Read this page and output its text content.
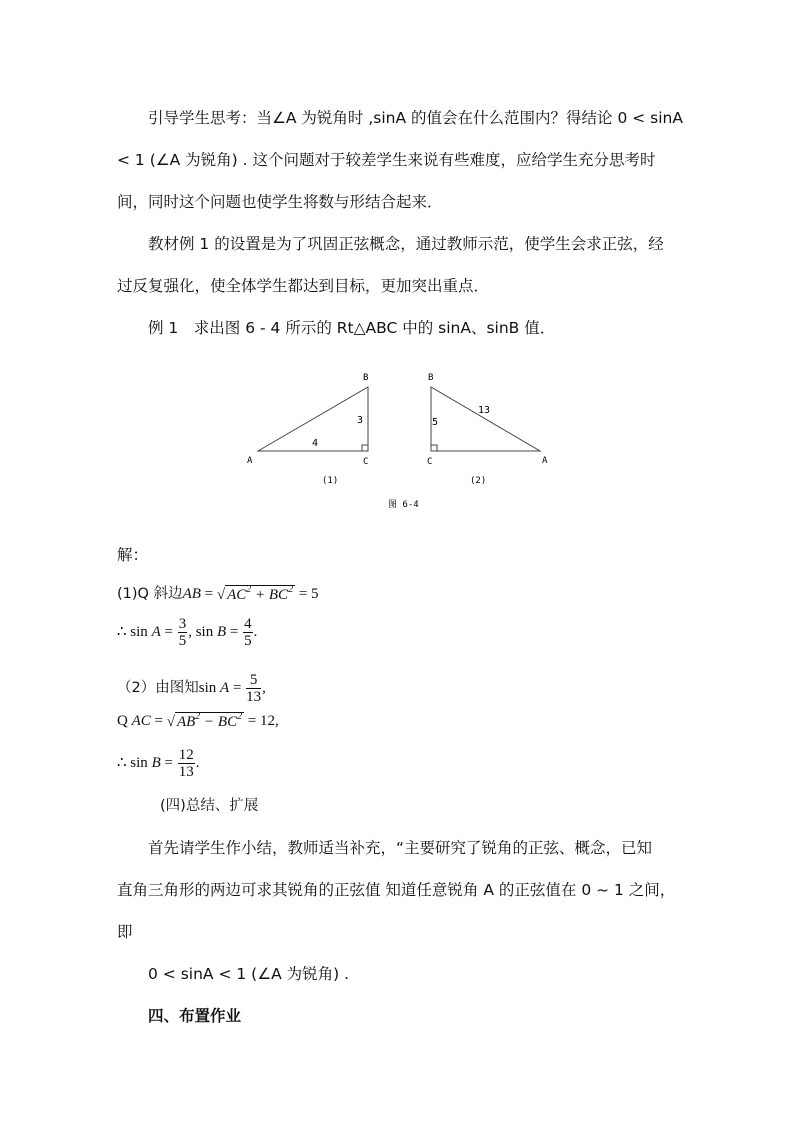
引导学生思考：当∠A 为锐角时 ,sinA 的值会在什么范围内？得结论 0 < sinA
< 1 (∠A 为锐角) . 这个问题对于较差学生来说有些难度，应给学生充分思考时
间，同时这个问题也使学生将数与形结合起来．
教材例 1 的设置是为了巩固正弦概念，通过教师示范，使学生会求正弦，经
过反复强化，使全体学生都达到目标，更加突出重点．
例 1　求出图 6 - 4 所示的 Rt△ABC 中的 sinA、sinB 值．
A
B
C
3
4
(1)
B
C	A
5
13
(2)
图 6-4
解：
(1)Q 斜边AB = √ $AC^2 + BC^2 = 5$
∴ $\sin A = \frac{3}{5}$ , $\sin B = \frac{4}{5}$ .
（2）由图知$\sin A = \frac{5}{13}$ ,
Q AC = √ $AB^2 - BC^2 = 12$,
∴ $\sin B = \frac{12}{13}$ .
(四)总结、扩展
首先请学生作小结，教师适当补充，“主要研究了锐角的正弦、概念，已知
直角三角形的两边可求其锐角的正弦值 知道任意锐角 A 的正弦值在 0 ~ 1 之间，
即
0 < sinA < 1 (∠A 为锐角) .
四、布置作业
